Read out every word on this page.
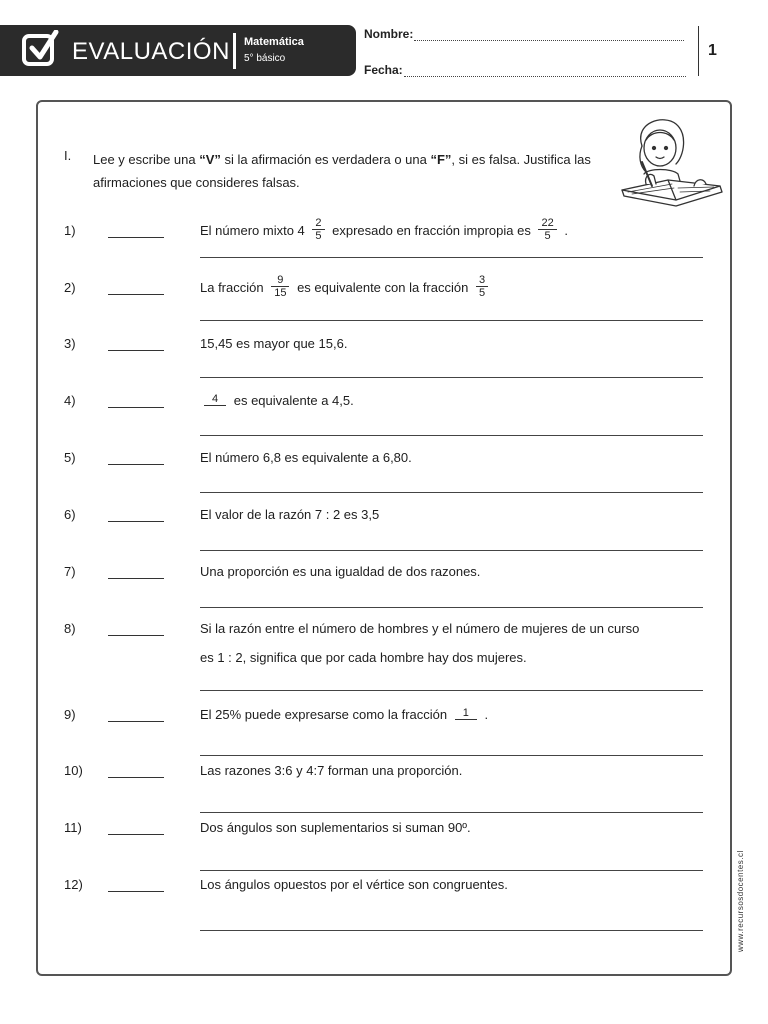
EVALUACIÓN Matemática
5° básico
Nombre:
Fecha:
1
I. Lee y escribe una “V” si la afirmación es verdadera o una “F”, si es falsa. Justifica las afirmaciones que consideres falsas.
1)	El número mixto $4 \frac{2}{5}$ expresado en fracción impropia es $\frac{22}{5}$ .
2)	La fracción $\frac{9}{15}$ es equivalente con la fracción $\frac{3}{5}$
3)	15,45 es mayor que 15,6.
4)	4 es equivalente a 4,5.
5)	El número 6,8 es equivalente a 6,80.
6)	El valor de la razón 7 : 2 es 3,5
7)	Una proporción es una igualdad de dos razones.
8)	Si la razón entre el número de hombres y el número de mujeres de un curso
es 1 : 2, significa que por cada hombre hay dos mujeres.
9)	El 25% puede expresarse como la fracción	1 .
10)	Las razones 3:6 y 4:7 forman una proporción.
11)	Dos ángulos son suplementarios si suman 90º.
12)	Los ángulos opuestos por el vértice son congruentes.	www.recursosdocentes.cl
